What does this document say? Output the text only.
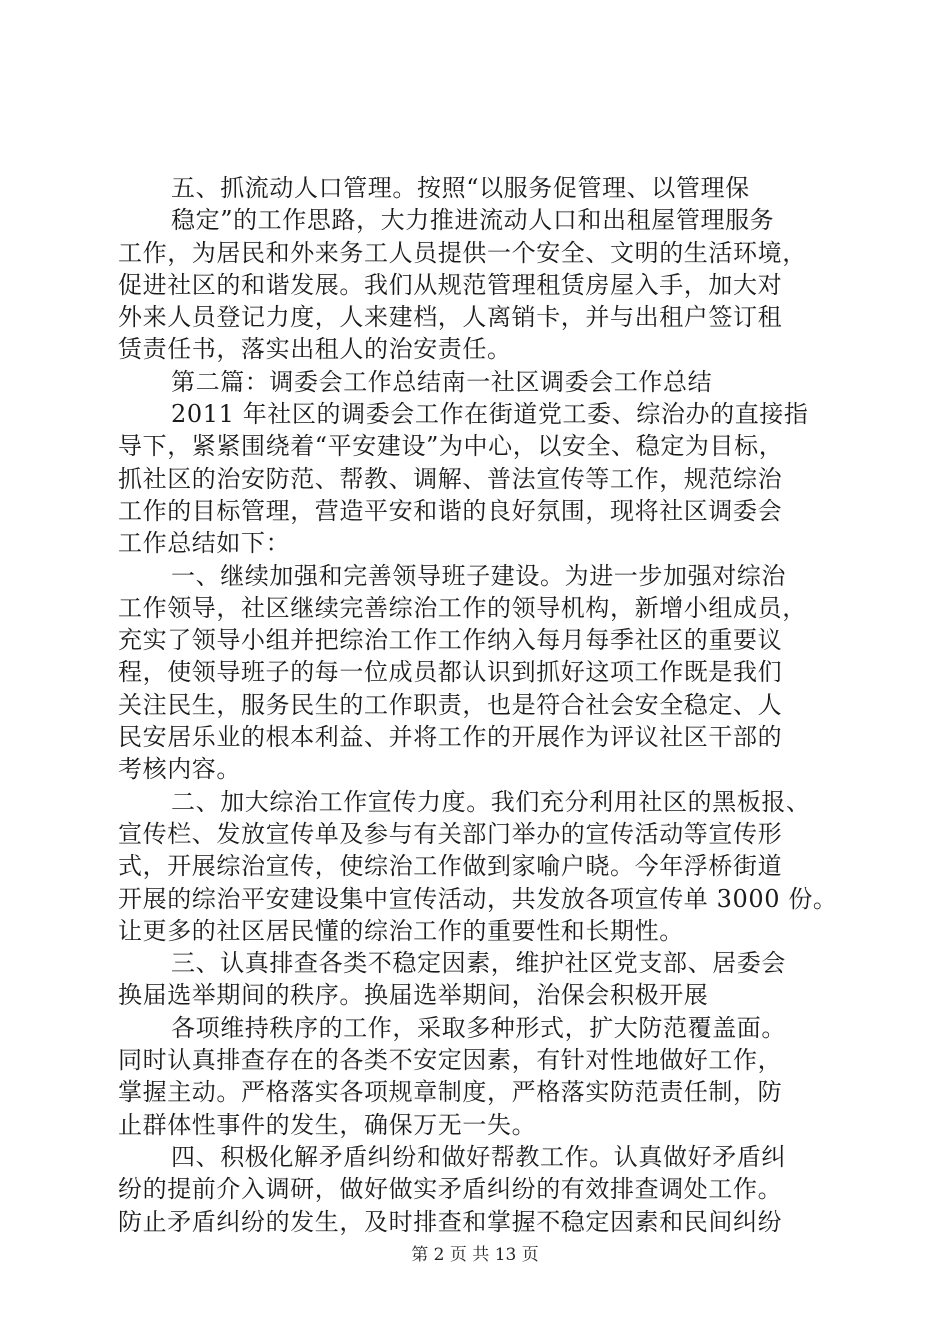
五、抓流动人口管理。按照“以服务促管理、以管理保
稳定”的工作思路，大力推进流动人口和出租屋管理服务
工作，为居民和外来务工人员提供一个安全、文明的生活环境，
促进社区的和谐发展。我们从规范管理租赁房屋入手，加大对
外来人员登记力度，人来建档，人离销卡，并与出租户签订租
赁责任书，落实出租人的治安责任。
第二篇：调委会工作总结南一社区调委会工作总结
2011 年社区的调委会工作在街道党工委、综治办的直接指
导下，紧紧围绕着“平安建设”为中心，以安全、稳定为目标，
抓社区的治安防范、帮教、调解、普法宣传等工作，规范综治
工作的目标管理，营造平安和谐的良好氛围，现将社区调委会
工作总结如下：
一、继续加强和完善领导班子建设。为进一步加强对综治
工作领导，社区继续完善综治工作的领导机构，新增小组成员，
充实了领导小组并把综治工作工作纳入每月每季社区的重要议
程，使领导班子的每一位成员都认识到抓好这项工作既是我们
关注民生，服务民生的工作职责，也是符合社会安全稳定、人
民安居乐业的根本利益、并将工作的开展作为评议社区干部的
考核内容。
二、加大综治工作宣传力度。我们充分利用社区的黑板报、
宣传栏、发放宣传单及参与有关部门举办的宣传活动等宣传形
式，开展综治宣传，使综治工作做到家喻户晓。今年浮桥街道
开展的综治平安建设集中宣传活动，共发放各项宣传单 3000 份。
让更多的社区居民懂的综治工作的重要性和长期性。
三、认真排查各类不稳定因素，维护社区党支部、居委会
换届选举期间的秩序。换届选举期间，治保会积极开展
各项维持秩序的工作，采取多种形式，扩大防范覆盖面。
同时认真排查存在的各类不安定因素，有针对性地做好工作，
掌握主动。严格落实各项规章制度，严格落实防范责任制，防
止群体性事件的发生，确保万无一失。
四、积极化解矛盾纠纷和做好帮教工作。认真做好矛盾纠
纷的提前介入调研，做好做实矛盾纠纷的有效排查调处工作。
防止矛盾纠纷的发生，及时排查和掌握不稳定因素和民间纠纷
第 2 页 共 13 页
